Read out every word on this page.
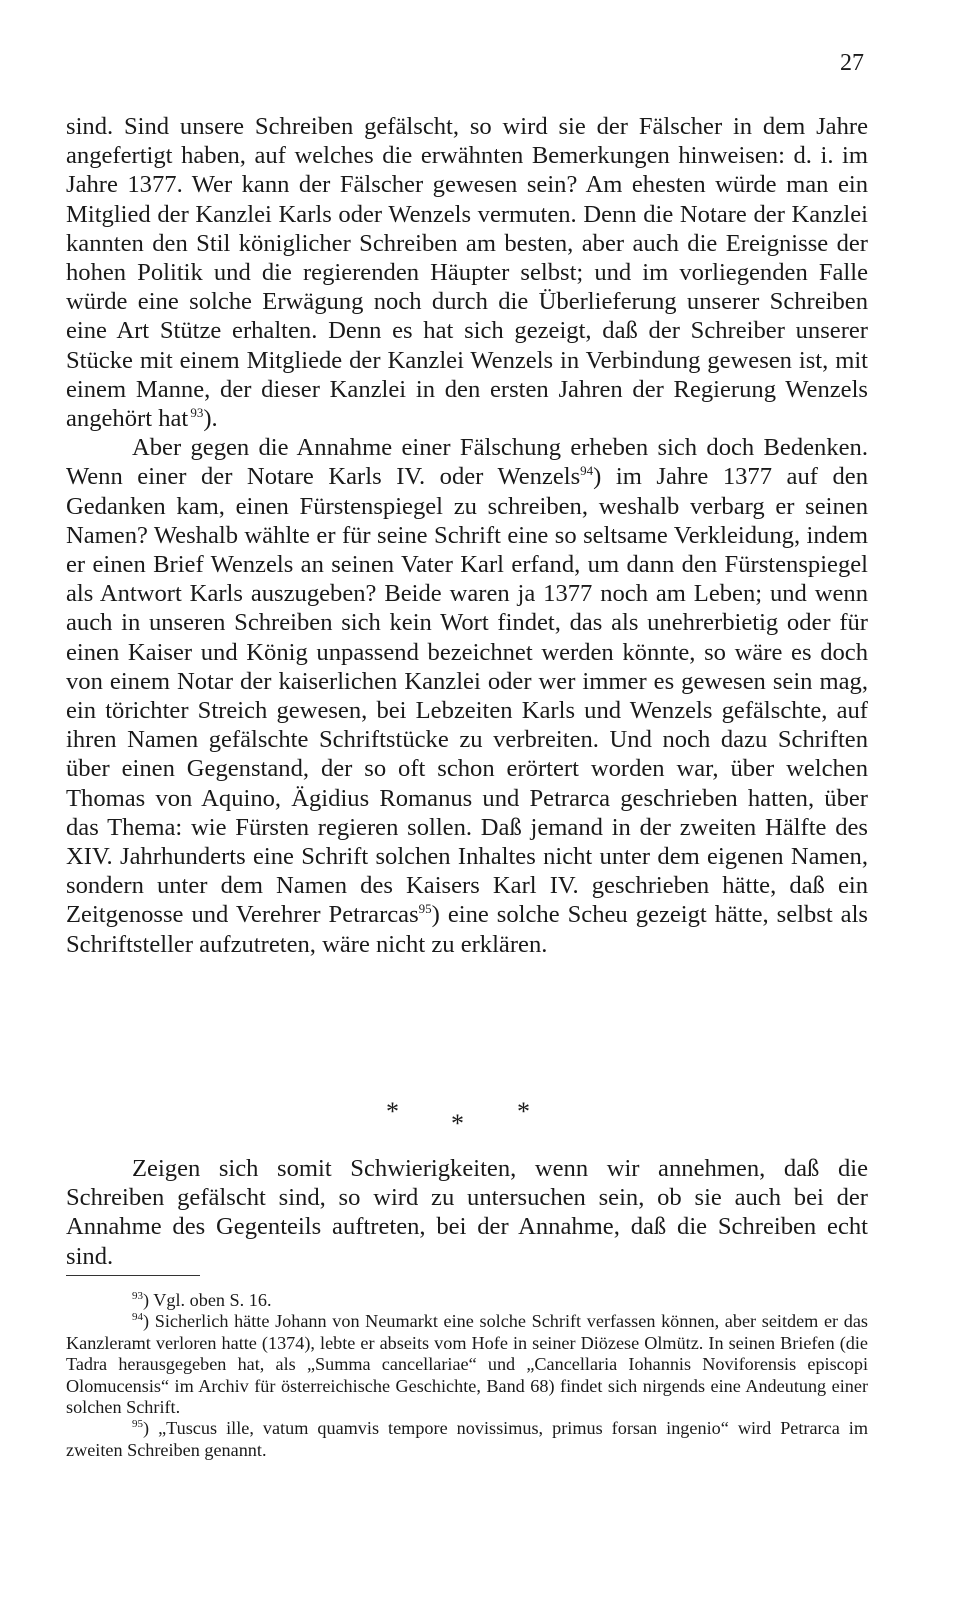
27

sind. Sind unsere Schreiben gefälscht, so wird sie der Fälscher in dem Jahre angefertigt haben, auf welches die erwähnten Bemerkungen hinweisen: d. i. im Jahre 1377. Wer kann der Fälscher gewesen sein? Am ehesten würde man ein Mitglied der Kanzlei Karls oder Wenzels vermuten. Denn die Notare der Kanzlei kannten den Stil königlicher Schreiben am besten, aber auch die Ereignisse der hohen Politik und die regierenden Häupter selbst; und im vorliegenden Falle würde eine solche Erwägung noch durch die Überlieferung unserer Schreiben eine Art Stütze erhalten. Denn es hat sich gezeigt, daß der Schreiber unserer Stücke mit einem Mitgliede der Kanzlei Wenzels in Verbindung gewesen ist, mit einem Manne, der dieser Kanzlei in den ersten Jahren der Regierung Wenzels angehört hat  $^{93}$).

Aber gegen die Annahme einer Fälschung erheben sich doch Bedenken. Wenn einer der Notare Karls IV. oder Wenzels$^{94}$) im Jahre 1377 auf den Gedanken kam, einen Fürstenspiegel zu schreiben, weshalb verbarg er seinen Namen? Weshalb wählte er für seine Schrift eine so seltsame Verkleidung, indem er einen Brief Wenzels an seinen Vater Karl erfand, um dann den Fürstenspiegel als Antwort Karls auszugeben? Beide waren ja 1377 noch am Leben; und wenn auch in unseren Schreiben sich kein Wort findet, das als unehrerbietig oder für einen Kaiser und König unpassend bezeichnet werden könnte, so wäre es doch von einem Notar der kaiserlichen Kanzlei oder wer immer es gewesen sein mag, ein törichter Streich gewesen, bei Lebzeiten Karls und Wenzels gefälschte, auf ihren Namen gefälschte Schriftstücke zu verbreiten. Und noch dazu Schriften über einen Gegenstand, der so oft schon erörtert worden war, über welchen Thomas von Aquino, Ägidius Romanus und Petrarca geschrieben hatten, über das Thema: wie Fürsten regieren sollen. Daß jemand in der zweiten Hälfte des XIV. Jahrhunderts eine Schrift solchen Inhaltes nicht unter dem eigenen Namen, sondern unter dem Namen des Kaisers Karl IV. geschrieben hätte, daß ein Zeitgenosse und Verehrer Petrarcas$^{95}$) eine solche Scheu gezeigt hätte, selbst als Schriftsteller aufzutreten, wäre nicht zu erklären.

* * *

Zeigen sich somit Schwierigkeiten, wenn wir annehmen, daß die Schreiben gefälscht sind, so wird zu untersuchen sein, ob sie auch bei der Annahme des Gegenteils auftreten, bei der Annahme, daß die Schreiben echt sind.

$^{93}$) Vgl. oben S. 16.

$^{94}$) Sicherlich hätte Johann von Neumarkt eine solche Schrift verfassen können, aber seitdem er das Kanzleramt verloren hatte (1374), lebte er abseits vom Hofe in seiner Diözese Olmütz. In seinen Briefen (die Tadra herausgegeben hat, als „Summa cancellariae“ und „Cancellaria Iohannis Noviforensis episcopi Olomucensis“ im Archiv für österreichische Geschichte, Band 68) findet sich nirgends eine Andeutung einer solchen Schrift.

$^{95}$) „Tuscus ille, vatum quamvis tempore novissimus, primus forsan ingenio“ wird Petrarca im zweiten Schreiben genannt.
